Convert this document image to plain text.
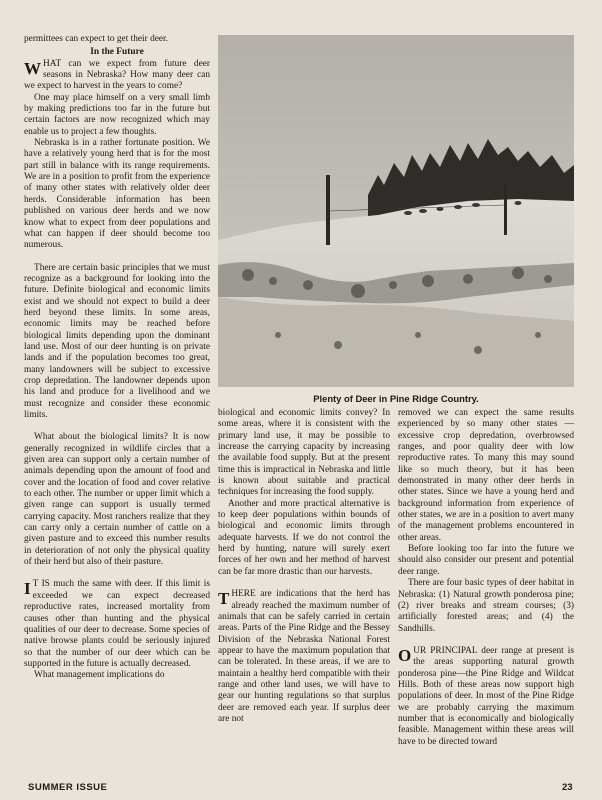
permittees can expect to get their deer.

In the Future

WHAT can we expect from future deer seasons in Nebraska? How many deer can we expect to harvest in the years to come?

One may place himself on a very small limb by making predictions too far in the future but certain factors are now recognized which may enable us to project a few thoughts.

Nebraska is in a rather fortunate position. We have a relatively young herd that is for the most part still in balance with its range requirements. We are in a position to profit from the experience of many other states with relatively older deer herds. Considerable information has been published on various deer herds and we now know what to expect from deer populations and what can happen if deer should become too numerous.

There are certain basic principles that we must recognize as a background for looking into the future. Definite biological and economic limits exist and we should not expect to build a deer herd beyond these limits. In some areas, economic limits may be reached before biological limits depending upon the dominant land use. Most of our deer hunting is on private lands and if the population becomes too great, many landowners will be subject to excessive crop depredation. The landowner depends upon his land and produce for a livelihood and we must recognize and consider these economic limits.

What about the biological limits? It is now generally recognized in wildlife circles that a given area can support only a certain number of animals depending upon the amount of food and cover and the location of food and cover relative to each other. The number or upper limit which a given range can support is usually termed carrying capacity. Most ranchers realize that they can carry only a certain number of cattle on a given pasture and to exceed this number results in deterioration of not only the physical quality of their herd but also of their pasture.

I T IS much the same with deer. If this limit is exceeded we can expect decreased reproductive rates, increased mortality from causes other than hunting and the physical qualities of our deer to decrease. Some species of native browse plants could be seriously injured so that the number of our deer which can be supported in the future is actually decreased.

What management implications do

Plenty of Deer in Pine Ridge Country.

biological and economic limits convey? In some areas, where it is consistent with the primary land use, it may be possible to increase the carrying capacity by increasing the available food supply. But at the present time this is impractical in Nebraska and little is known about suitable and practical techniques for increasing the food supply.

Another and more practical alternative is to keep deer populations within bounds of biological and economic limits through adequate harvests. If we do not control the herd by hunting, nature will surely exert forces of her own and her method of harvest can be far more drastic than our harvests.

THERE are indications that the herd has already reached the maximum number of animals that can be safely carried in certain areas. Parts of the Pine Ridge and the Bessey Division of the Nebraska National Forest appear to have the maximum population that can be tolerated. In these areas, if we are to maintain a healthy herd compatible with their range and other land uses, we will have to gear our hunting regulations so that surplus deer are removed each year. If surplus deer are not

removed we can expect the same results experienced by so many other states — excessive crop depredation, overbrowsed ranges, and poor quality deer with low reproductive rates. To many this may sound like so much theory, but it has been demonstrated in many other deer herds in other states. Since we have a young herd and background information from experience of other states, we are in a position to avert many of the management problems encountered in other areas.

Before looking too far into the future we should also consider our present and potential deer range.

There are four basic types of deer habitat in Nebraska: (1) Natural growth ponderosa pine; (2) river breaks and stream courses; (3) artificially forested areas; and (4) the Sandhills.

OUR PRINCIPAL deer range at present is the areas supporting natural growth ponderosa pine—the Pine Ridge and Wildcat Hills. Both of these areas now support high populations of deer. In most of the Pine Ridge we are probably carrying the maximum number that is economically and biologically feasible. Management within these areas will have to be directed toward

SUMMER ISSUE	23
